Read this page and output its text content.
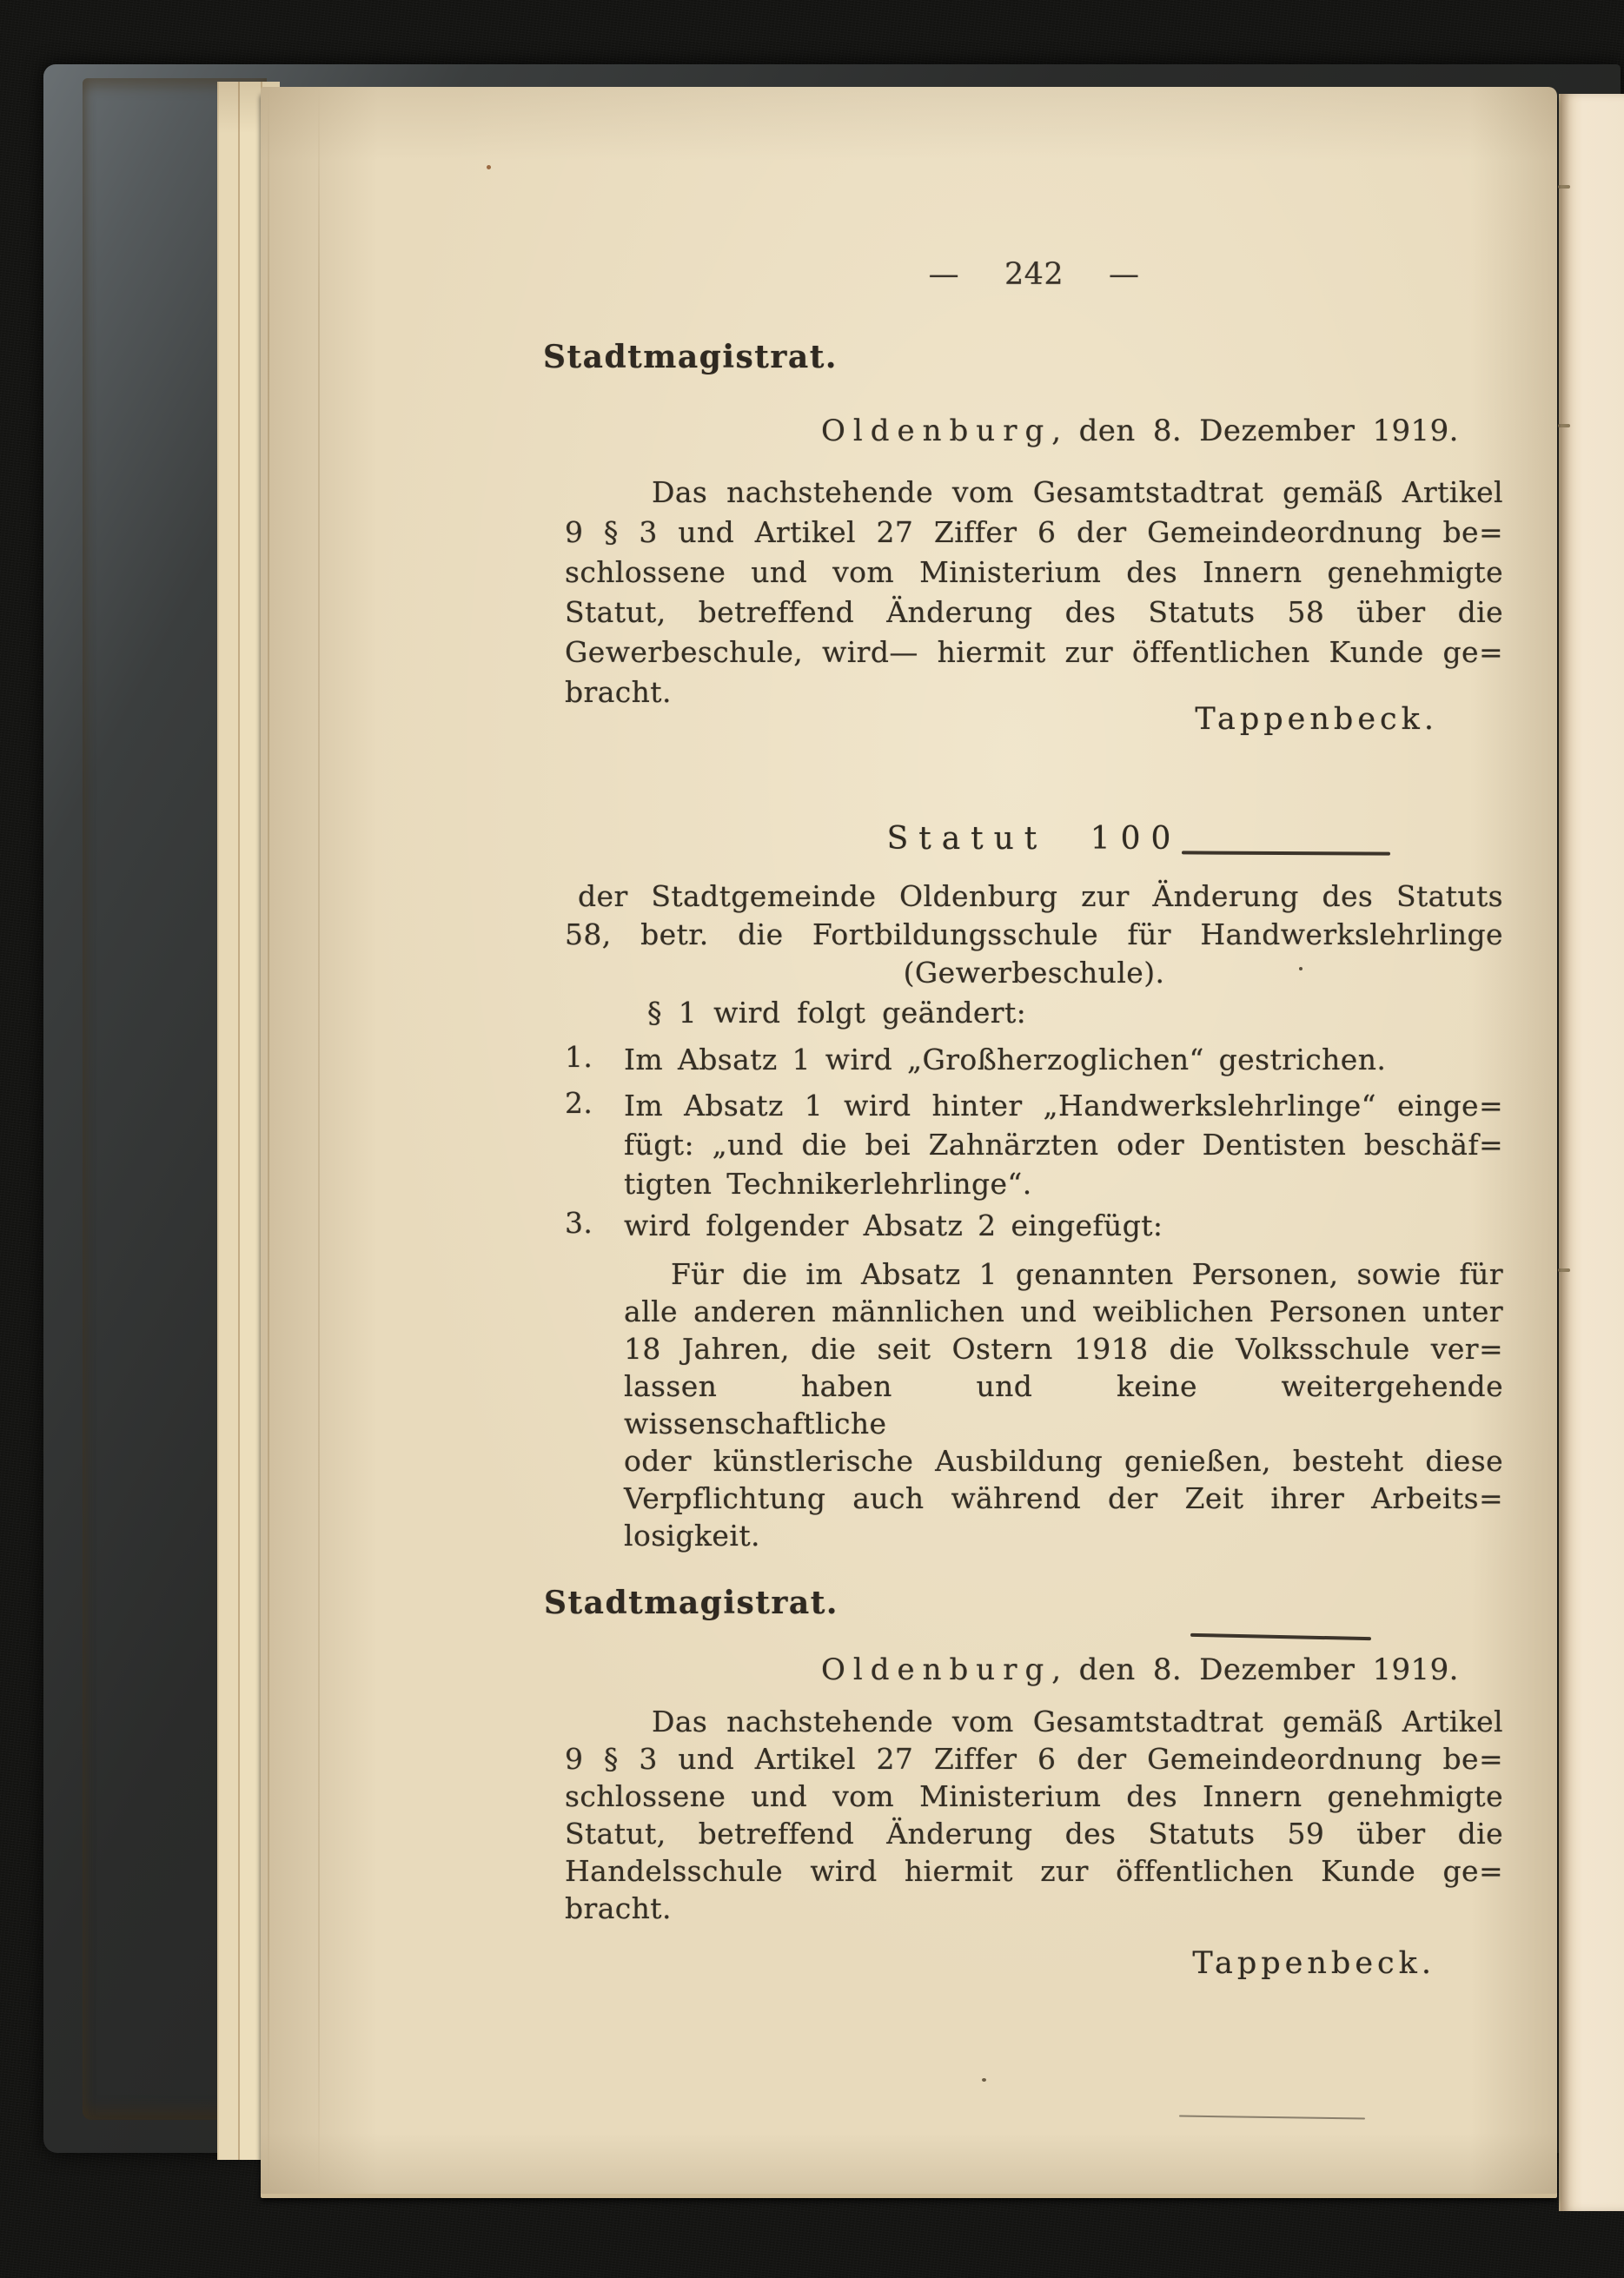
— 242 —
Stadtmagistrat.
Oldenburg, den 8. Dezember 1919.
Das nachstehende vom Gesamtstadtrat gemäß Artikel
9 § 3 und Artikel 27 Ziffer 6 der Gemeindeordnung be=
schlossene und vom Ministerium des Innern genehmigte
Statut, betreffend Änderung des Statuts 58 über die
Gewerbeschule, wird— hiermit zur öffentlichen Kunde ge=
bracht.
Tappenbeck.
Statut 100
der Stadtgemeinde Oldenburg zur Änderung des Statuts
58, betr. die Fortbildungsschule für Handwerkslehrlinge
(Gewerbeschule).
§ 1 wird folgt geändert:
1.	Im Absatz 1 wird „Großherzoglichen“ gestrichen.
2.	Im Absatz 1 wird hinter „Handwerkslehrlinge“ einge=
fügt: „und die bei Zahnärzten oder Dentisten beschäf=
tigten Technikerlehrlinge“.
3.	wird folgender Absatz 2 eingefügt:
Für die im Absatz 1 genannten Personen, sowie für
alle anderen männlichen und weiblichen Personen unter
18 Jahren, die seit Ostern 1918 die Volksschule ver=
lassen haben und keine weitergehende wissenschaftliche
oder künstlerische Ausbildung genießen, besteht diese
Verpflichtung auch während der Zeit ihrer Arbeits=
losigkeit.
Stadtmagistrat.
Oldenburg, den 8. Dezember 1919.
Das nachstehende vom Gesamtstadtrat gemäß Artikel
9 § 3 und Artikel 27 Ziffer 6 der Gemeindeordnung be=
schlossene und vom Ministerium des Innern genehmigte
Statut, betreffend Änderung des Statuts 59 über die
Handelsschule wird hiermit zur öffentlichen Kunde ge=
bracht.
Tappenbeck.
